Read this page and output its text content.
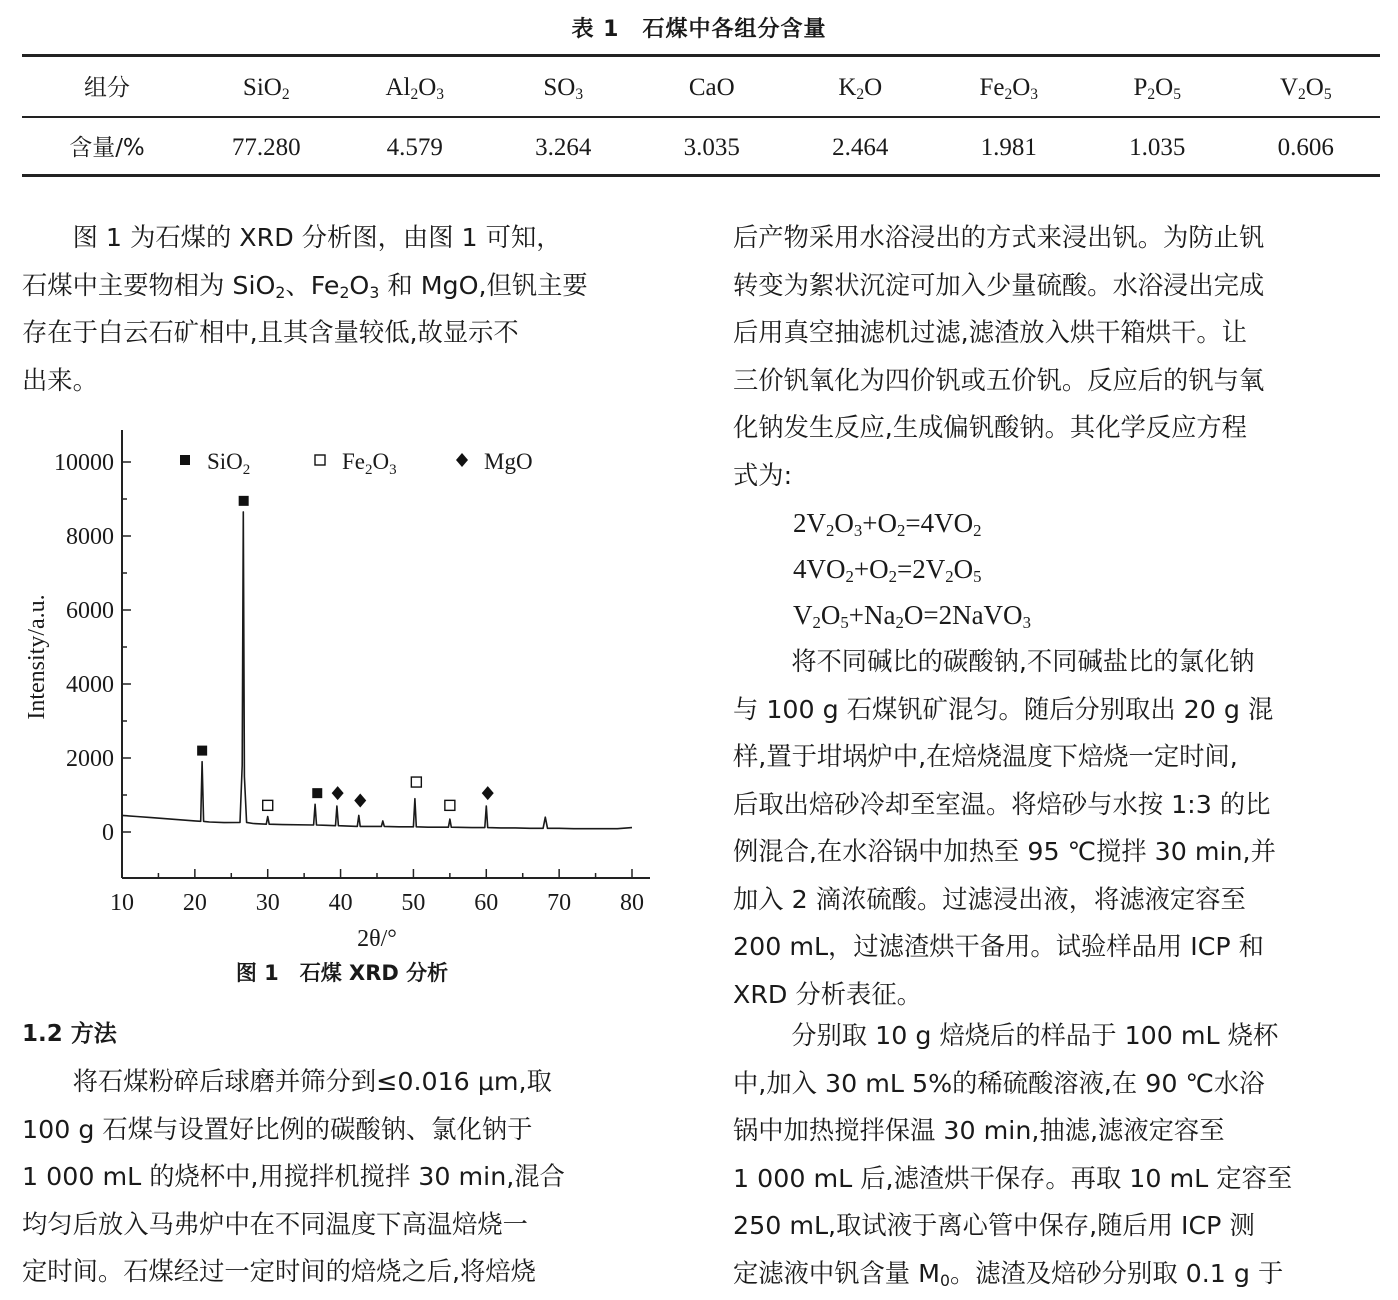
表 1　石煤中各组分含量
组分	SiO$_2$	$Al_2O_3$	$SO_3$	CaO	$K_2O$	$Fe_2O_3$	$P_2O_5$	$V_2O_5$
含量/%	77.280	4.579	3.264	3.035	2.464	1.981	1.035	0.606
图 1 为石煤的 XRD 分析图，由图 1 可知，
石煤中主要物相为 SiO$_2$、$Fe_2O_3$ 和 MgO,但钒主要
存在于白云石矿相中,且其含量较低,故显示不
出来。
0
2000
4000
6000
8000
10000
10 20 30 40 50 60 70 80
2θ/°
Intensity/a.u.
SiO$_2$	$Fe_2O_3$	MgO
图 1　石煤 XRD 分析
1.2 方法
将石煤粉碎后球磨并筛分到≤0.016 μm,取
100 g 石煤与设置好比例的碳酸钠、氯化钠于
1 000 mL 的烧杯中,用搅拌机搅拌 30 min,混合
均匀后放入马弗炉中在不同温度下高温焙烧一
定时间。石煤经过一定时间的焙烧之后,将焙烧
后产物采用水浴浸出的方式来浸出钒。为防止钒
转变为絮状沉淀可加入少量硫酸。水浴浸出完成
后用真空抽滤机过滤,滤渣放入烘干箱烘干。让
三价钒氧化为四价钒或五价钒。反应后的钒与氧
化钠发生反应,生成偏钒酸钠。其化学反应方程
式为:
$2V_2O_3+O_2=4VO_2$
$4VO_2+O_2=2V_2O_5$
$V_2O_5+Na_2O=2NaVO_3$
将不同碱比的碳酸钠,不同碱盐比的氯化钠
与 100 g 石煤钒矿混匀。随后分别取出 20 g 混
样,置于坩埚炉中,在焙烧温度下焙烧一定时间,
后取出焙砂冷却至室温。将焙砂与水按 1:3 的比
例混合,在水浴锅中加热至 95 ℃搅拌 30 min,并
加入 2 滴浓硫酸。过滤浸出液，将滤液定容至
200 mL，过滤渣烘干备用。试验样品用 ICP 和
XRD 分析表征。
分别取 10 g 焙烧后的样品于 100 mL 烧杯
中,加入 30 mL 5%的稀硫酸溶液,在 90 ℃水浴
锅中加热搅拌保温 30 min,抽滤,滤液定容至
1 000 mL 后,滤渣烘干保存。再取 10 mL 定容至
250 mL,取试液于离心管中保存,随后用 ICP 测
定滤液中钒含量 $M_0$。滤渣及焙砂分别取 0.1 g 于
